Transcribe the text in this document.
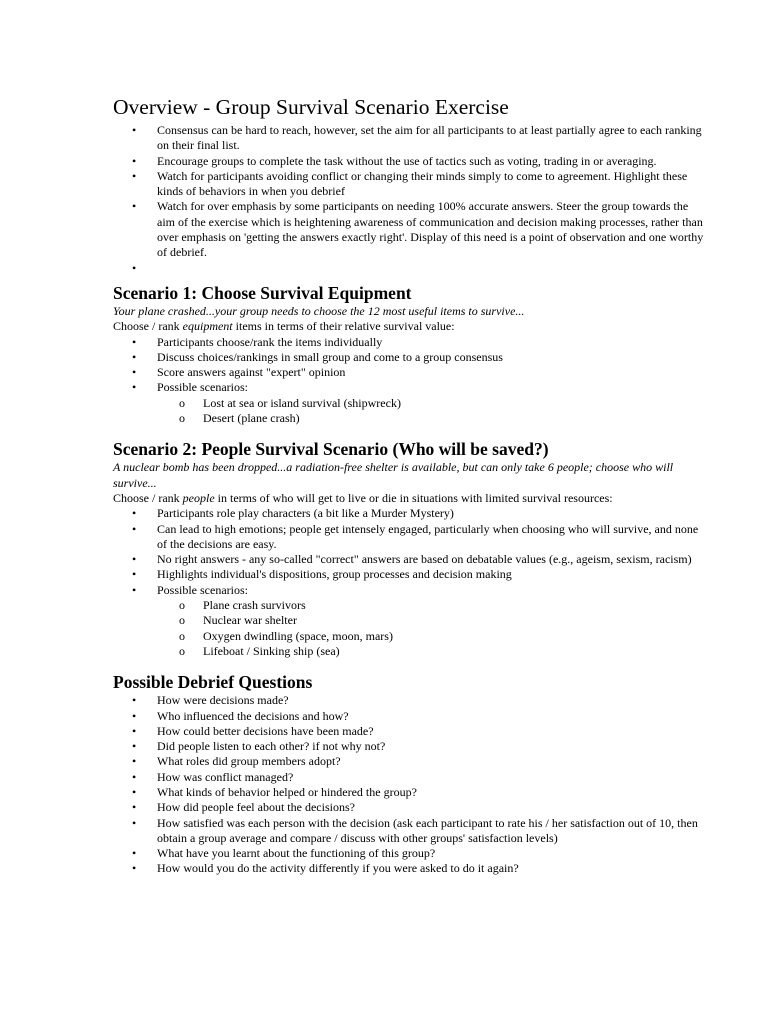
Overview - Group Survival Scenario Exercise
• Consensus can be hard to reach, however, set the aim for all participants to at least partially agree to each ranking on their final list.
• Encourage groups to complete the task without the use of tactics such as voting, trading in or averaging.
• Watch for participants avoiding conflict or changing their minds simply to come to agreement. Highlight these kinds of behaviors in when you debrief
• Watch for over emphasis by some participants on needing 100% accurate answers. Steer the group towards the aim of the exercise which is heightening awareness of communication and decision making processes, rather than over emphasis on 'getting the answers exactly right'. Display of this need is a point of observation and one worthy of debrief.
•
Scenario 1: Choose Survival Equipment

Your plane crashed...your group needs to choose the 12 most useful items to survive...

Choose / rank equipment items in terms of their relative survival value:

• Participants choose/rank the items individually
• Discuss choices/rankings in small group and come to a group consensus
• Score answers against "expert" opinion
• Possible scenarios:
o Lost at sea or island survival (shipwreck)
o Desert (plane crash)
Scenario 2: People Survival Scenario (Who will be saved?)

A nuclear bomb has been dropped...a radiation-free shelter is available, but can only take 6 people; choose who will survive...

Choose / rank people in terms of who will get to live or die in situations with limited survival resources:

• Participants role play characters (a bit like a Murder Mystery)
• Can lead to high emotions; people get intensely engaged, particularly when choosing who will survive, and none of the decisions are easy.
• No right answers - any so-called "correct" answers are based on debatable values (e.g., ageism, sexism, racism)
• Highlights individual's dispositions, group processes and decision making
• Possible scenarios:
o Plane crash survivors
o Nuclear war shelter
o Oxygen dwindling (space, moon, mars)
o Lifeboat / Sinking ship (sea)
Possible Debrief Questions
• How were decisions made?
• Who influenced the decisions and how?
• How could better decisions have been made?
• Did people listen to each other? if not why not?
• What roles did group members adopt?
• How was conflict managed?
• What kinds of behavior helped or hindered the group?
• How did people feel about the decisions?
• How satisfied was each person with the decision (ask each participant to rate his / her satisfaction out of 10, then obtain a group average and compare / discuss with other groups' satisfaction levels)
• What have you learnt about the functioning of this group?
• How would you do the activity differently if you were asked to do it again?
